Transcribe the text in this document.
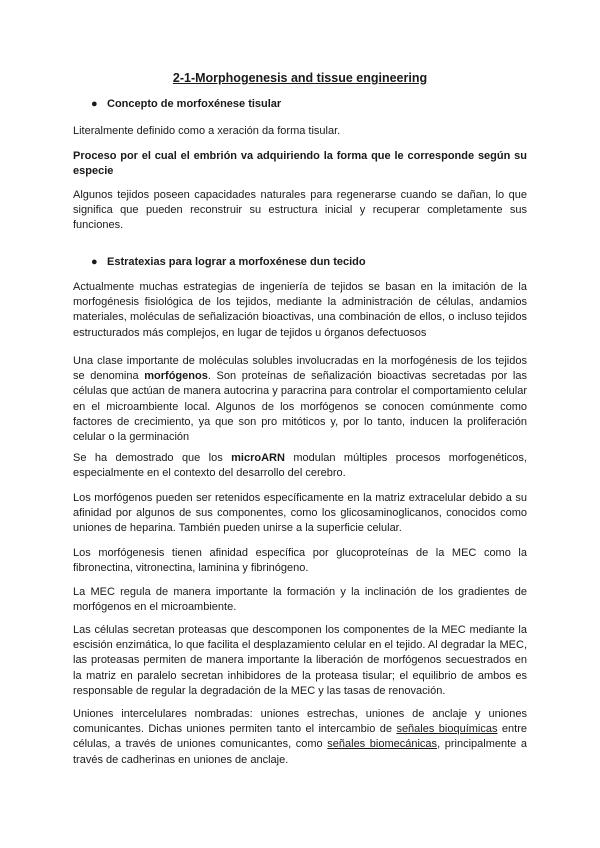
2-1-Morphogenesis and tissue engineering
● Concepto de morfoxénese tisular
Literalmente definido como a xeración da forma tisular.
Proceso por el cual el embrión va adquiriendo la forma que le corresponde según su especie
Algunos tejidos poseen capacidades naturales para regenerarse cuando se dañan, lo que significa que pueden reconstruir su estructura inicial y recuperar completamente sus funciones.
● Estratexias para lograr a morfoxénese dun tecido
Actualmente muchas estrategias de ingeniería de tejidos se basan en la imitación de la morfogénesis fisiológica de los tejidos, mediante la administración de células, andamios materiales, moléculas de señalización bioactivas, una combinación de ellos, o incluso tejidos estructurados más complejos, en lugar de tejidos u órganos defectuosos
Una clase importante de moléculas solubles involucradas en la morfogénesis de los tejidos se denomina morfógenos. Son proteínas de señalización bioactivas secretadas por las células que actúan de manera autocrina y paracrina para controlar el comportamiento celular en el microambiente local. Algunos de los morfógenos se conocen comúnmente como factores de crecimiento, ya que son pro mitóticos y, por lo tanto, inducen la proliferación celular o la germinación
Se ha demostrado que los microARN modulan múltiples procesos morfogenéticos, especialmente en el contexto del desarrollo del cerebro.
Los morfógenos pueden ser retenidos específicamente en la matriz extracelular debido a su afinidad por algunos de sus componentes, como los glicosaminoglicanos, conocidos como uniones de heparina. También pueden unirse a la superficie celular.
Los morfógenesis tienen afinidad específica por glucoproteínas de la MEC como la fibronectina, vitronectina, laminina y fibrinógeno.
La MEC regula de manera importante la formación y la inclinación de los gradientes de morfógenos en el microambiente.
Las células secretan proteasas que descomponen los componentes de la MEC mediante la escisión enzimática, lo que facilita el desplazamiento celular en el tejido. Al degradar la MEC, las proteasas permiten de manera importante la liberación de morfógenos secuestrados en la matriz en paralelo secretan inhibidores de la proteasa tisular; el equilibrio de ambos es responsable de regular la degradación de la MEC y las tasas de renovación.
Uniones intercelulares nombradas: uniones estrechas, uniones de anclaje y uniones comunicantes. Dichas uniones permiten tanto el intercambio de señales bioquímicas entre células, a través de uniones comunicantes, como señales biomecánicas, principalmente a través de cadherinas en uniones de anclaje.
